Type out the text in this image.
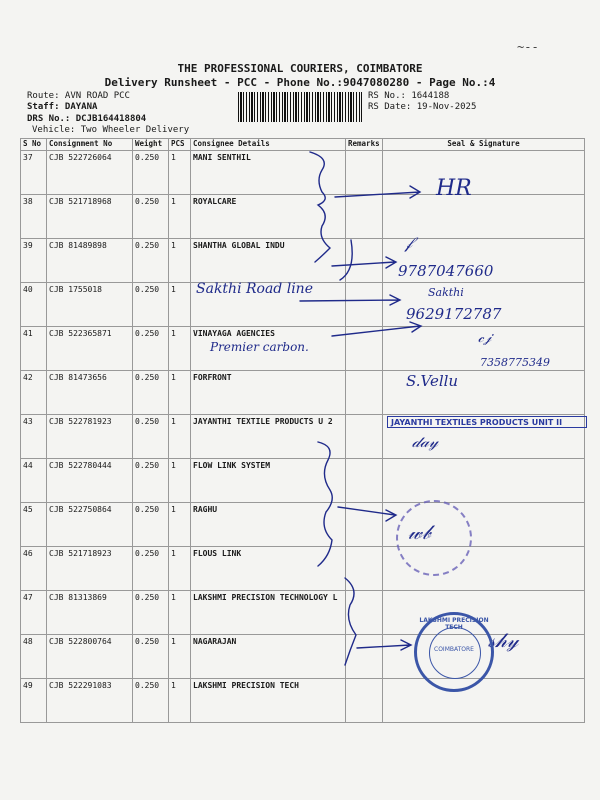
~--
THE PROFESSIONAL COURIERS, COIMBATORE
Delivery Runsheet - PCC - Phone No.:9047080280 - Page No.:4
Route: AVN ROAD PCC
Staff: DAYANA
DRS No.: DCJB164418804
Vehicle: Two Wheeler Delivery
RS No.: 1644188
RS Date: 19-Nov-2025
S No	Consignment No	Weight	PCS	Consignee Details	Remarks	Seal & Signature
37	CJB 522726064	0.250	1	MANI SENTHIL		
38	CJB 521718968	0.250	1	ROYALCARE		
39	CJB 81489898	0.250	1	SHANTHA GLOBAL INDU		
40	CJB 1755018	0.250	1			
41	CJB 522365871	0.250	1	VINAYAGA AGENCIES		
42	CJB 81473656	0.250	1	FORFRONT		
43	CJB 522781923	0.250	1	JAYANTHI TEXTILE PRODUCTS U 2		
44	CJB 522780444	0.250	1	FLOW LINK SYSTEM		
45	CJB 522750864	0.250	1	RAGHU		
46	CJB 521718923	0.250	1	FLOUS LINK		
47	CJB 81313869	0.250	1	LAKSHMI PRECISION TECHNOLOGY L		
48	CJB 522800764	0.250	1	NAGARAJAN		
49	CJB 522291083	0.250	1	LAKSHMI PRECISION TECH		
HR
𝒻
9787047660
Sakthi
9629172787
Sakthi Road line
Premier carbon.
𝒸𝒿
7358775349
S.Vellu
𝒹𝒶𝓎
𝓌𝒷
𝓈𝒽𝓎
JAYANTHI TEXTILES PRODUCTS UNIT II
LAKSHMI PRECISION TECH
COIMBATORE
